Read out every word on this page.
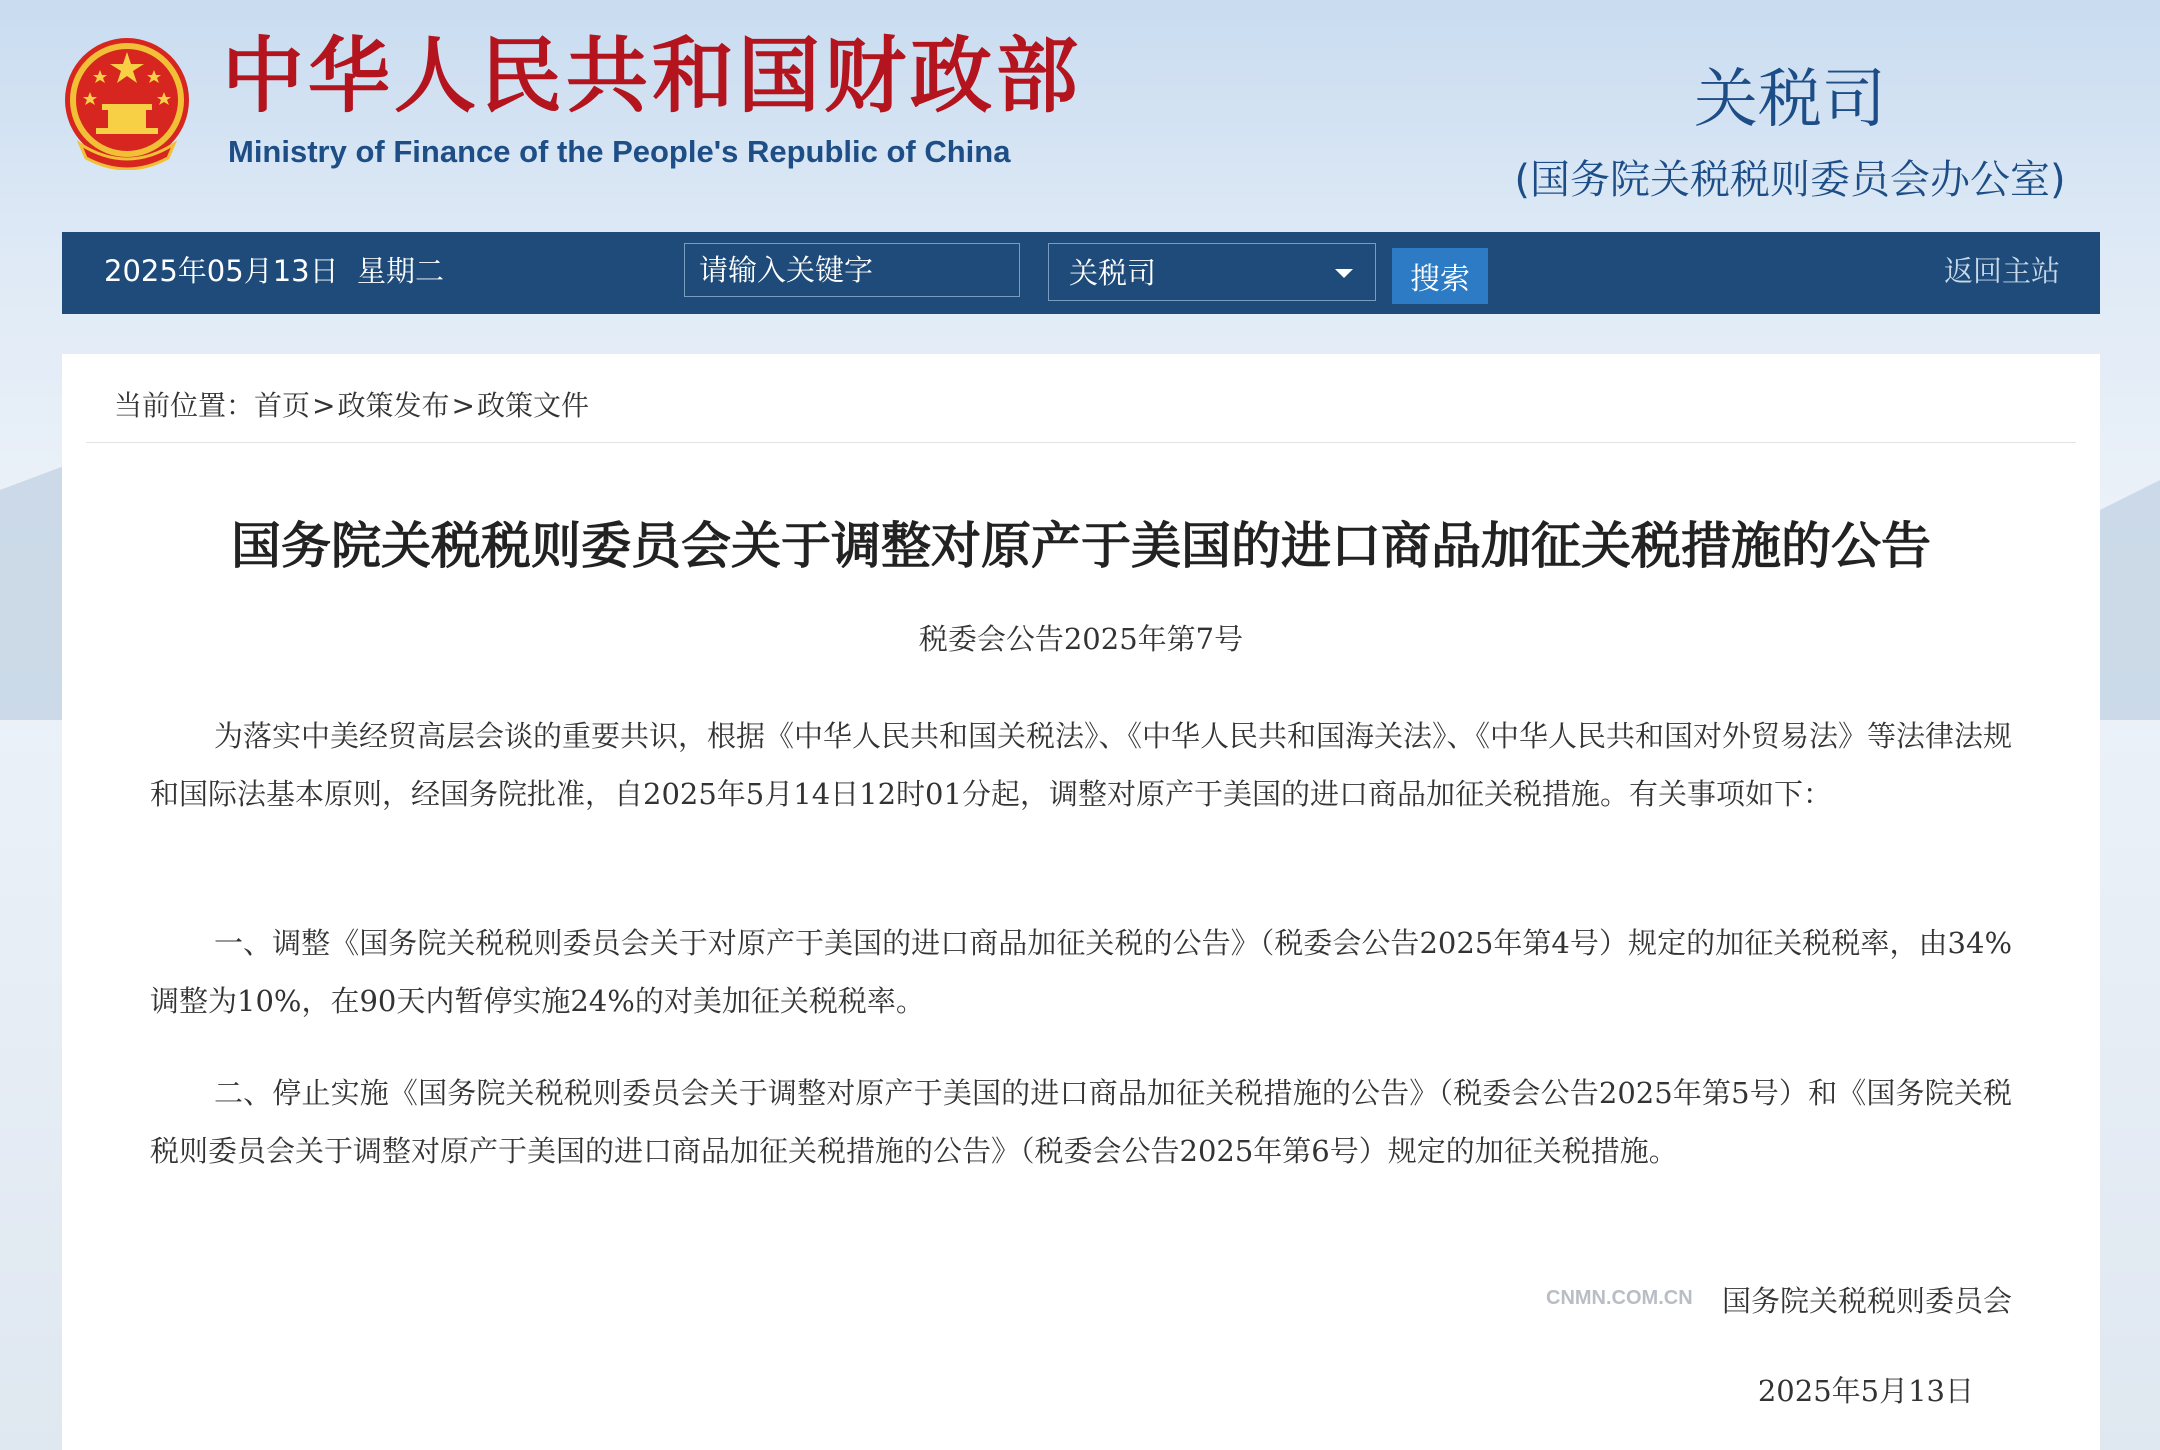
中华人民共和国财政部
Ministry of Finance of the People's Republic of China
关税司
(国务院关税税则委员会办公室)
2025年05月13日 星期二
请输入关键字	关税司	搜索	返回主站
当前位置：首页>政策发布>政策文件
国务院关税税则委员会关于调整对原产于美国的进口商品加征关税措施的公告
税委会公告2025年第7号

为落实中美经贸高层会谈的重要共识，根据《中华人民共和国关税法》、《中华人民共和国海关法》、《中华人民共和国对外贸易法》等法律法规和国际法基本原则，经国务院批准，自2025年5月14日12时01分起，调整对原产于美国的进口商品加征关税措施。有关事项如下：

一、调整《国务院关税税则委员会关于对原产于美国的进口商品加征关税的公告》（税委会公告2025年第4号）规定的加征关税税率，由34%调整为10%，在90天内暂停实施24%的对美加征关税税率。

二、停止实施《国务院关税税则委员会关于调整对原产于美国的进口商品加征关税措施的公告》（税委会公告2025年第5号）和《国务院关税税则委员会关于调整对原产于美国的进口商品加征关税措施的公告》（税委会公告2025年第6号）规定的加征关税措施。

CNMN.COM.CN 国务院关税税则委员会
2025年5月13日
